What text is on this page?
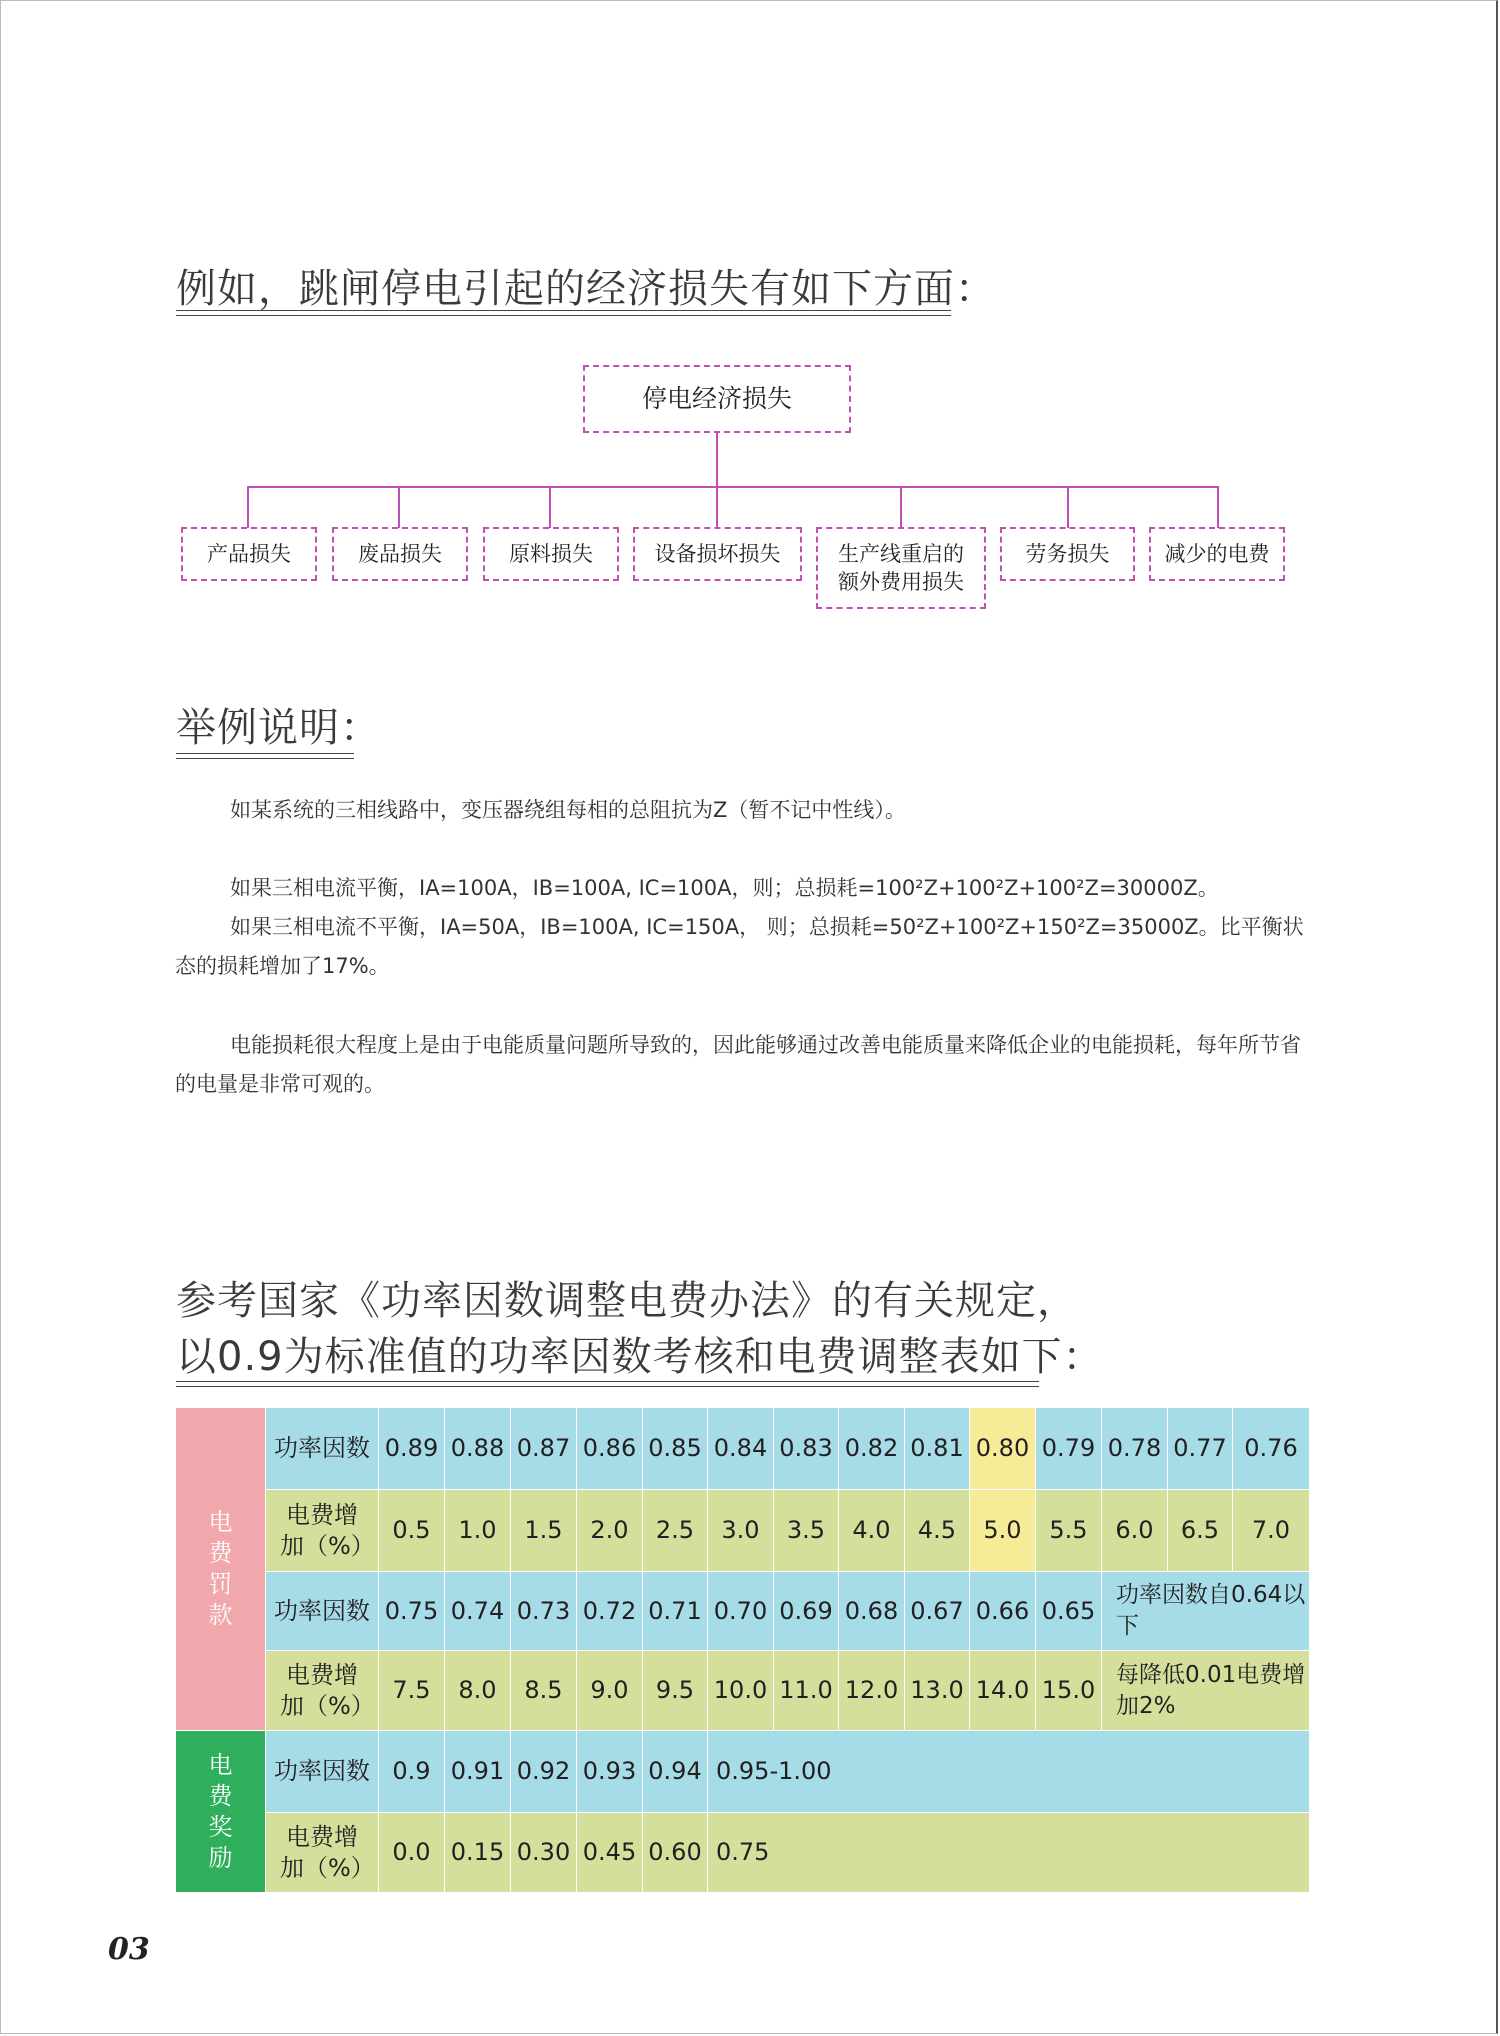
例如，跳闸停电引起的经济损失有如下方面：
停电经济损失
产品损失	废品损失	原料损失	设备损坏损失	生产线重启的额外费用损失
劳务损失	减少的电费
举例说明：

如某系统的三相线路中，变压器绕组每相的总阻抗为Z（暂不记中性线）。

如果三相电流平衡，IA=100A，IB=100A, IC=100A，则；总损耗=100²Z+100²Z+100²Z=30000Z。

如果三相电流不平衡，IA=50A，IB=100A, IC=150A， 则；总损耗=50²Z+100²Z+150²Z=35000Z。比平衡状态的损耗增加了17%。

电能损耗很大程度上是由于电能质量问题所导致的，因此能够通过改善电能质量来降低企业的电能损耗，每年所节省的电量是非常可观的。

参考国家《功率因数调整电费办法》的有关规定，
以0.9为标准值的功率因数考核和电费调整表如下：
电费罚款	功率因数	0.89	0.88	0.87	0.86	0.85	0.84	0.83	0.82	0.81	0.80	0.79	0.78	0.77	0.76

	电费增加（%）	0.5	1.0	1.5	2.0	2.5	3.0	3.5	4.0	4.5	5.0	5.5	6.0	6.5	7.0
	功率因数	0.75	0.74	0.73	0.72	0.71	0.70	0.69	0.68	0.67	0.66	0.65	功率因数自0.64以下		

	电费增加（%）	7.5	8.0	8.5	9.0	9.5	10.0	11.0	12.0	13.0	14.0	15.0	每降低0.01电费增加2%		

电费奖励	功率因数	0.9	0.91	0.92	0.93	0.94	0.95-1.00								

	电费增加（%）	0.0	0.15	0.30	0.45	0.60	0.75								
03
